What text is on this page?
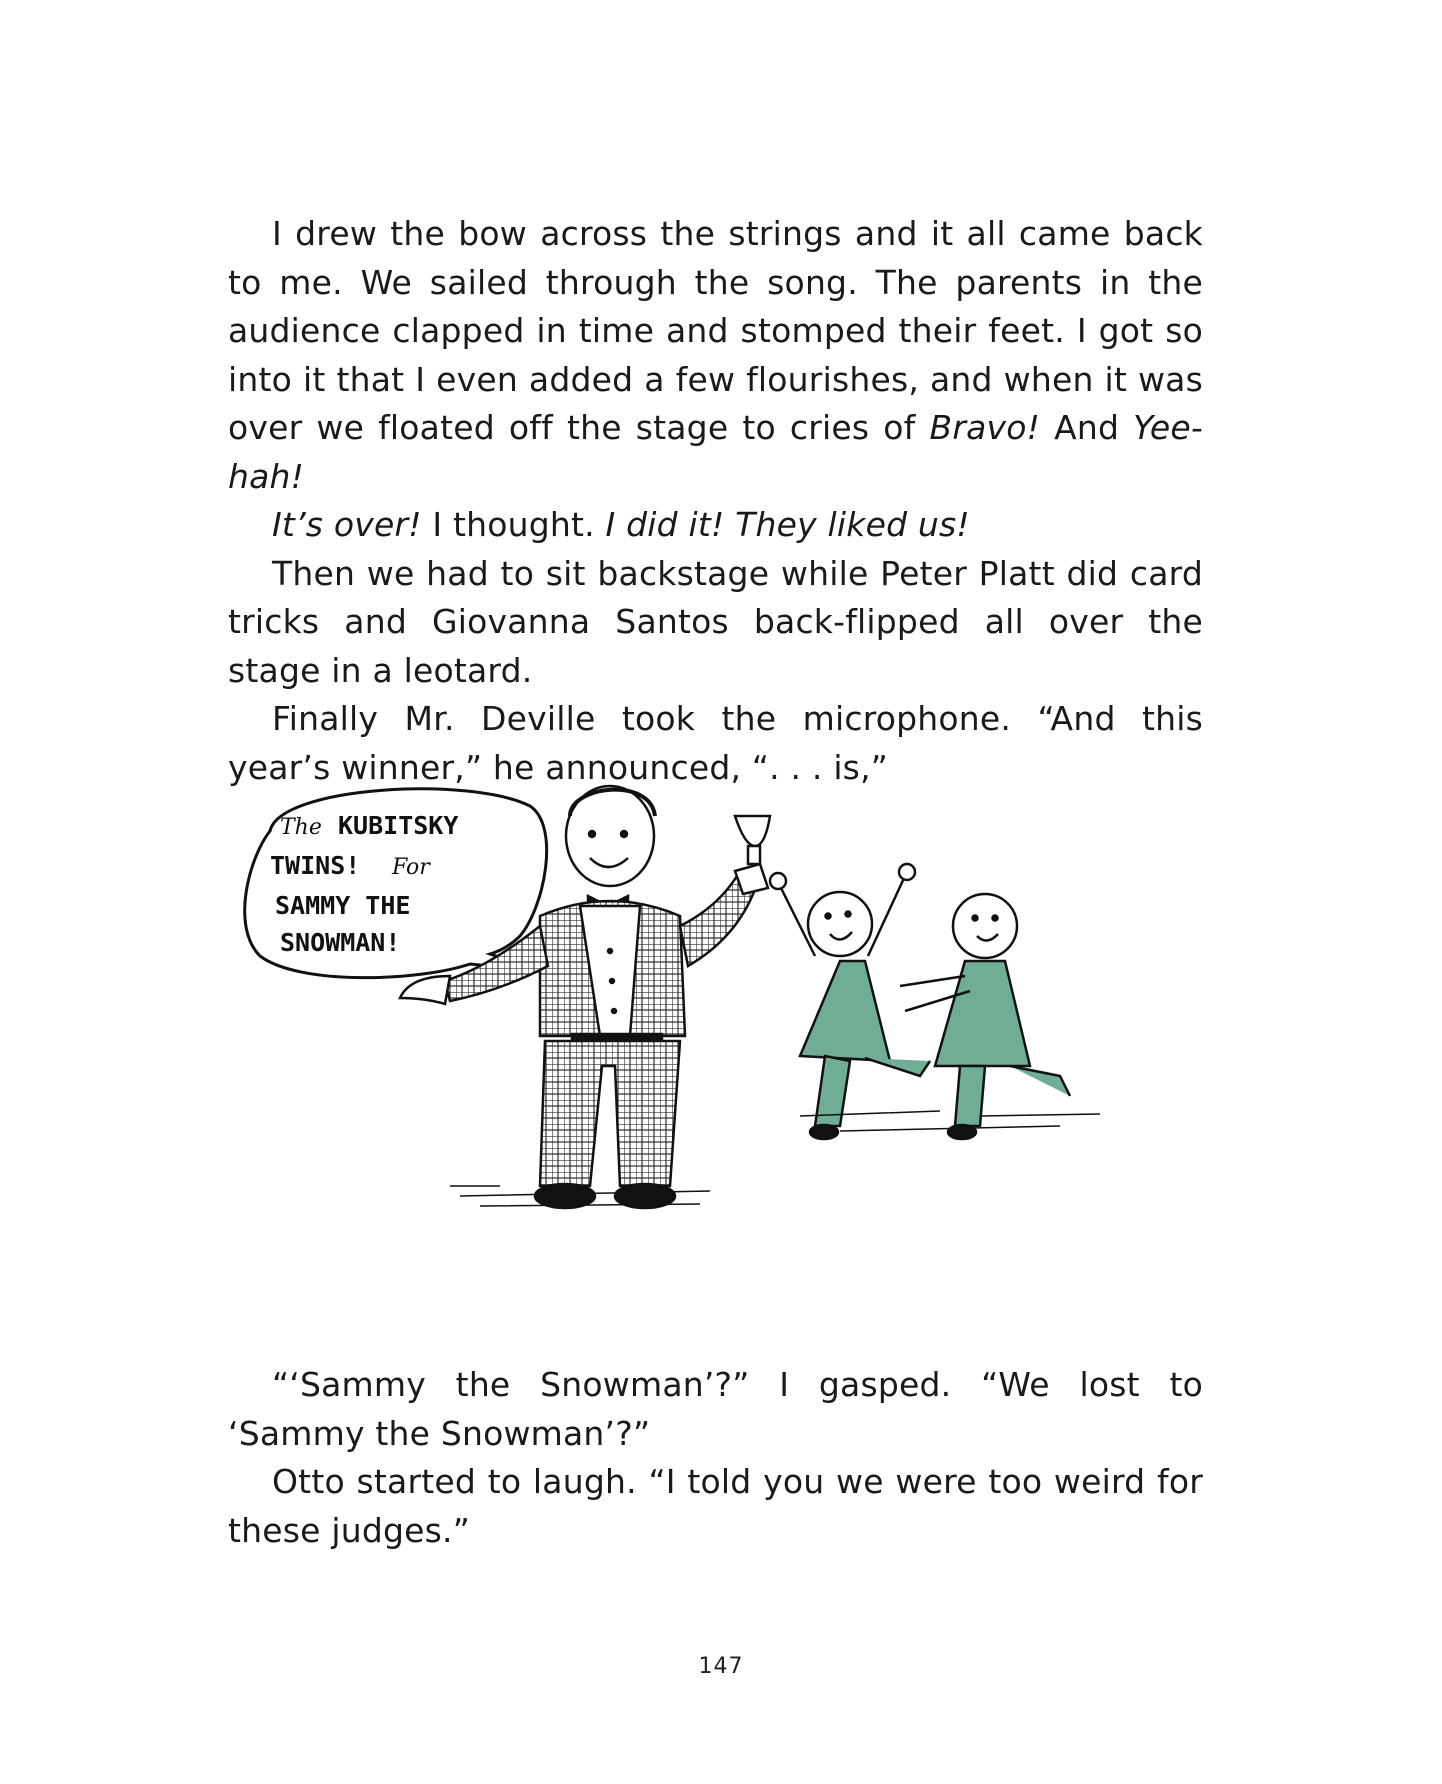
I drew the bow across the strings and it all came back to me. We sailed through the song. The parents in the audience clapped in time and stomped their feet. I got so into it that I even added a few flourishes, and when it was over we floated off the stage to cries of Bravo! And Yee-hah!

It’s over! I thought. I did it! They liked us!

Then we had to sit backstage while Peter Platt did card tricks and Giovanna Santos back-flipped all over the stage in a leotard.

Finally Mr. Deville took the microphone. “And this year’s winner,” he announced, “. . . is,”

The KUBITSKY
TWINS! For
SAMMY THE
SNOWMAN!

“‘Sammy the Snowman’?” I gasped. “We lost to ‘Sammy the Snowman’?”

Otto started to laugh. “I told you we were too weird for these judges.”

147
